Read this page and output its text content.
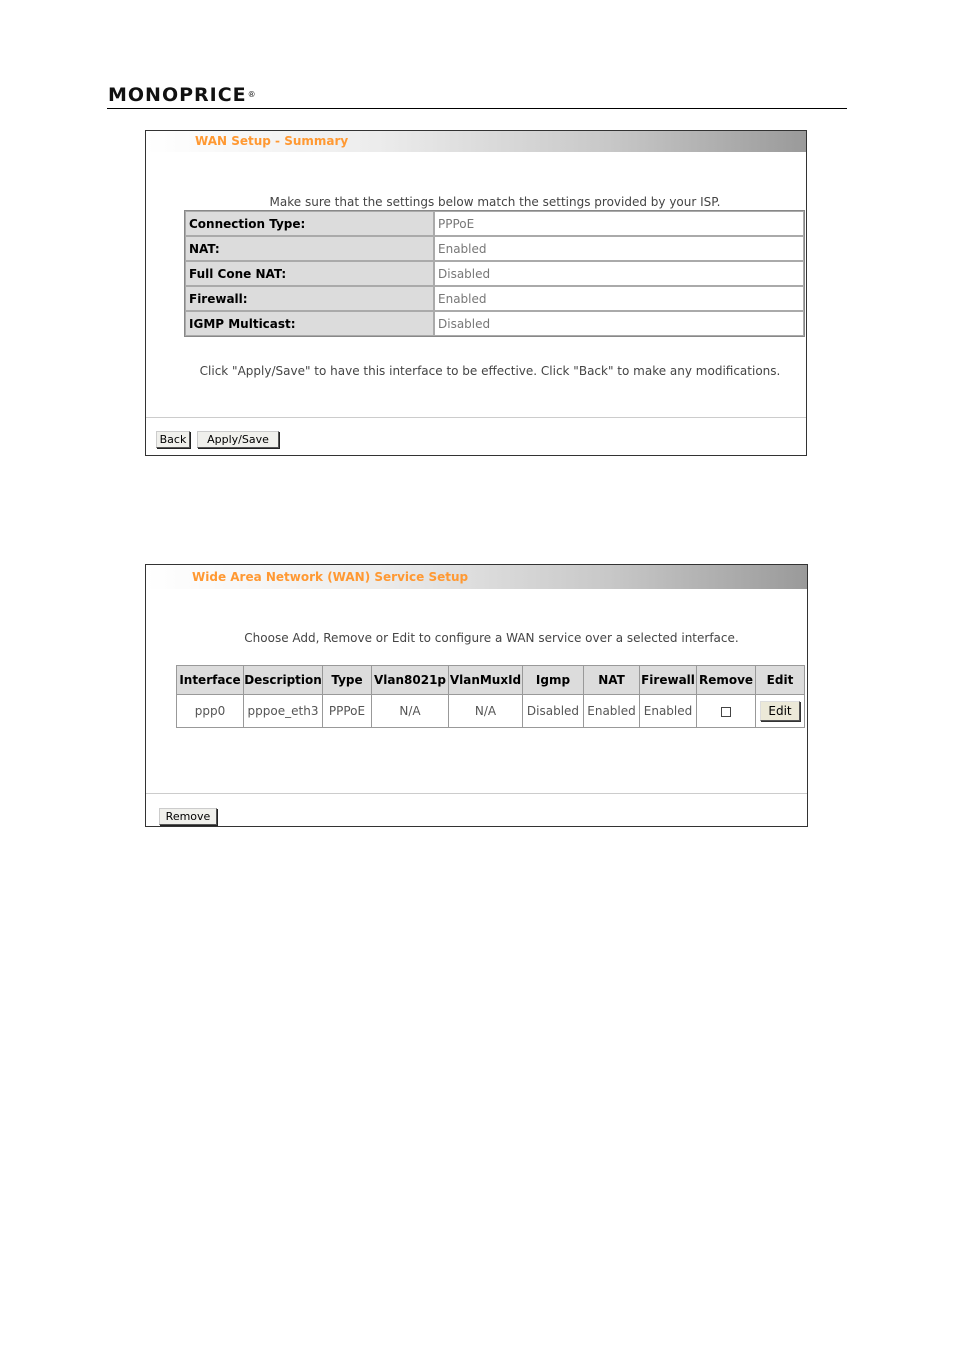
MONOPRICE®
WAN Setup - Summary
Make sure that the settings below match the settings provided by your ISP.
Connection Type:	PPPoE
NAT:	Enabled
Full Cone NAT:	Disabled
Firewall:	Enabled
IGMP Multicast:	Disabled
Click "Apply/Save" to have this interface to be effective. Click "Back" to make any modifications.
Back	Apply/Save
Wide Area Network (WAN) Service Setup
Choose Add, Remove or Edit to configure a WAN service over a selected interface.
Interface	Description	Type	Vlan8021p	VlanMuxId	Igmp	NAT	Firewall	Remove	Edit
ppp0	pppoe_eth3	PPPoE	N/A	N/A	Disabled	Enabled	Enabled		Edit
Remove
